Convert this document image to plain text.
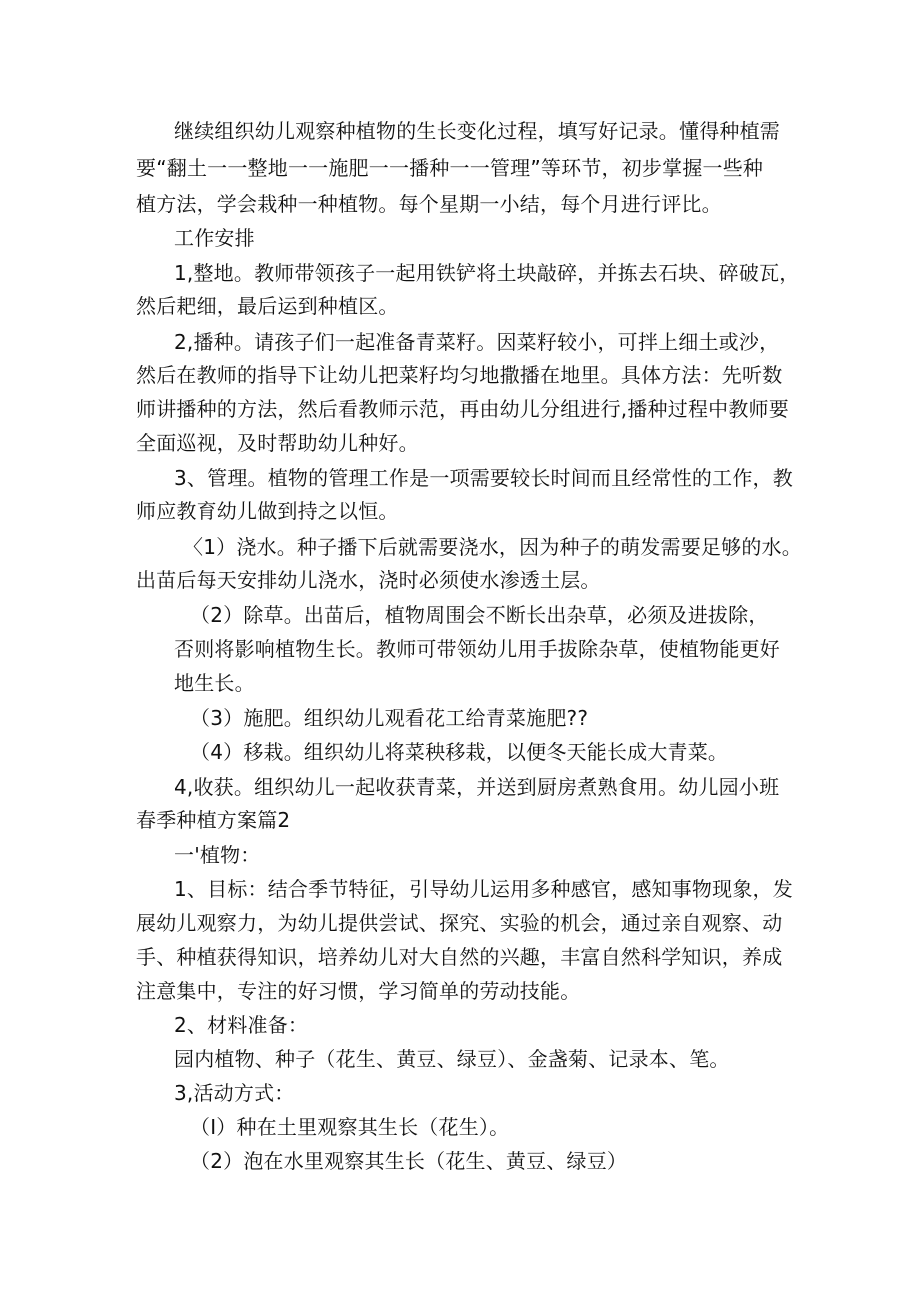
继续组织幼儿观察种植物的生长变化过程，填写好记录。懂得种植需
要“翻土一一整地一一施肥一一播种一一管理”等环节，初步掌握一些种
植方法，学会栽种一种植物。每个星期一小结，每个月进行评比。
工作安排
1,整地。教师带领孩子一起用铁铲将土块敲碎，并拣去石块、碎破瓦，
然后耙细，最后运到种植区。
2,播种。请孩子们一起准备青菜籽。因菜籽较小，可拌上细土或沙，
然后在教师的指导下让幼儿把菜籽均匀地撒播在地里。具体方法：先听数
师讲播种的方法，然后看教师示范，再由幼儿分组进行,播种过程中教师要
全面巡视，及时帮助幼儿种好。
3、管理。植物的管理工作是一项需要较长时间而且经常性的工作，教
师应教育幼儿做到持之以恒。
〈1）浇水。种子播下后就需要浇水，因为种子的萌发需要足够的水。
出苗后每天安排幼儿浇水，浇时必须使水渗透土层。
（2）除草。出苗后，植物周围会不断长出杂草，必须及进拔除，
否则将影响植物生长。教师可带领幼儿用手拔除杂草，使植物能更好
地生长。
（3）施肥。组织幼儿观看花工给青菜施肥??
（4）移栽。组织幼儿将菜秧移栽，以便冬天能长成大青菜。
4,收获。组织幼儿一起收获青菜，并送到厨房煮熟食用。幼儿园小班
春季种植方案篇2
一'植物：
1、目标：结合季节特征，引导幼儿运用多种感官，感知事物现象，发
展幼儿观察力，为幼儿提供尝试、探究、实验的机会，通过亲自观察、动
手、种植获得知识，培养幼儿对大自然的兴趣，丰富自然科学知识，养成
注意集中，专注的好习惯，学习简单的劳动技能。
2、材料准备：
园内植物、种子（花生、黄豆、绿豆）、金盏菊、记录本、笔。
3,活动方式：
（I）种在土里观察其生长（花生）。
（2）泡在水里观察其生长（花生、黄豆、绿豆）
